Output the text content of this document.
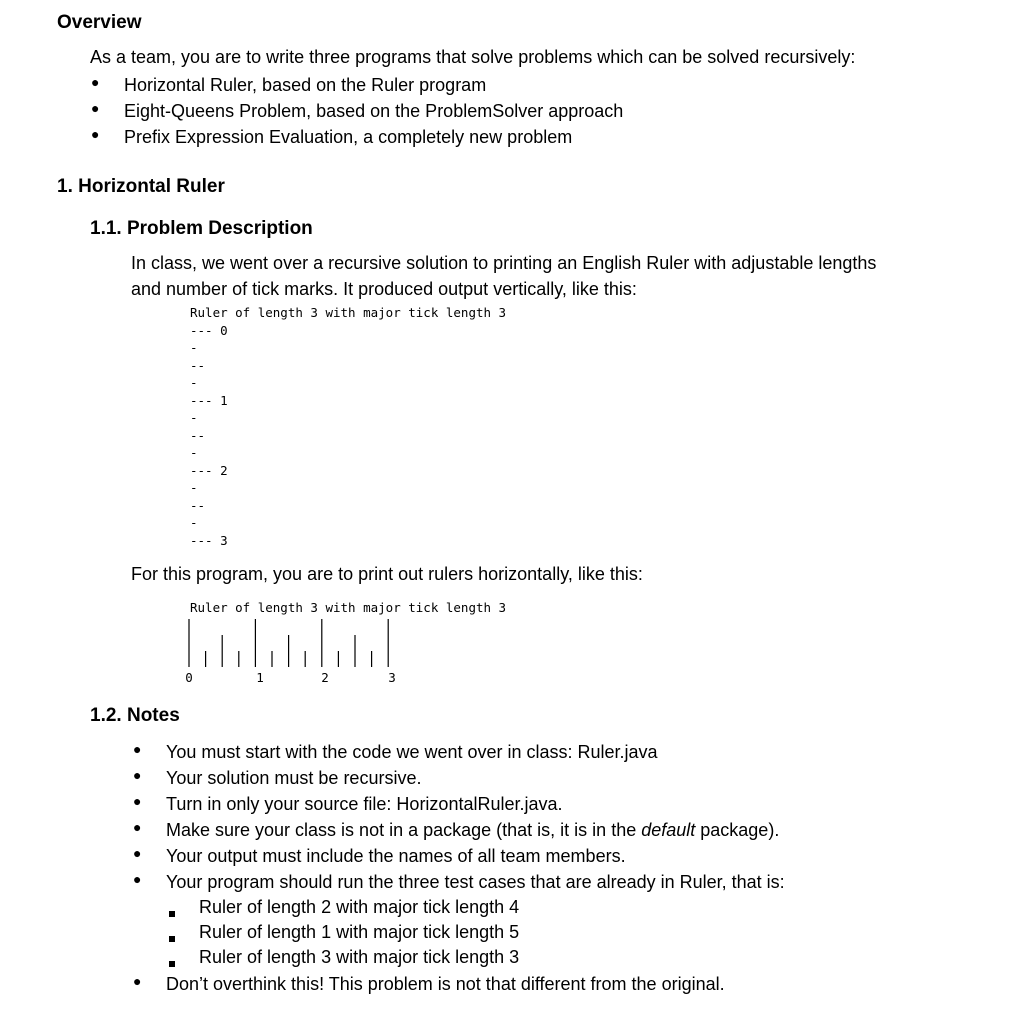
Overview
As a team, you are to write three programs that solve problems which can be solved recursively:
● Horizontal Ruler, based on the Ruler program
● Eight-Queens Problem, based on the ProblemSolver approach
● Prefix Expression Evaluation, a completely new problem
1. Horizontal Ruler
1.1. Problem Description
In class, we went over a recursive solution to printing an English Ruler with adjustable lengths
and number of tick marks. It produced output vertically, like this:
Ruler of length 3 with major tick length 3
--- 0
-
--
-
--- 1
-
--
-
--- 2
-
--
-
--- 3
For this program, you are to print out rulers horizontally, like this:
Ruler of length 3 with major tick length 3
0	1	2	3
1.2. Notes
● You must start with the code we went over in class: Ruler.java
● Your solution must be recursive.
● Turn in only your source file: HorizontalRuler.java.
● Make sure your class is not in a package (that is, it is in the default package).
● Your output must include the names of all team members.
● Your program should run the three test cases that are already in Ruler, that is:
Ruler of length 2 with major tick length 4
Ruler of length 1 with major tick length 5
Ruler of length 3 with major tick length 3
● Don’t overthink this! This problem is not that different from the original.
